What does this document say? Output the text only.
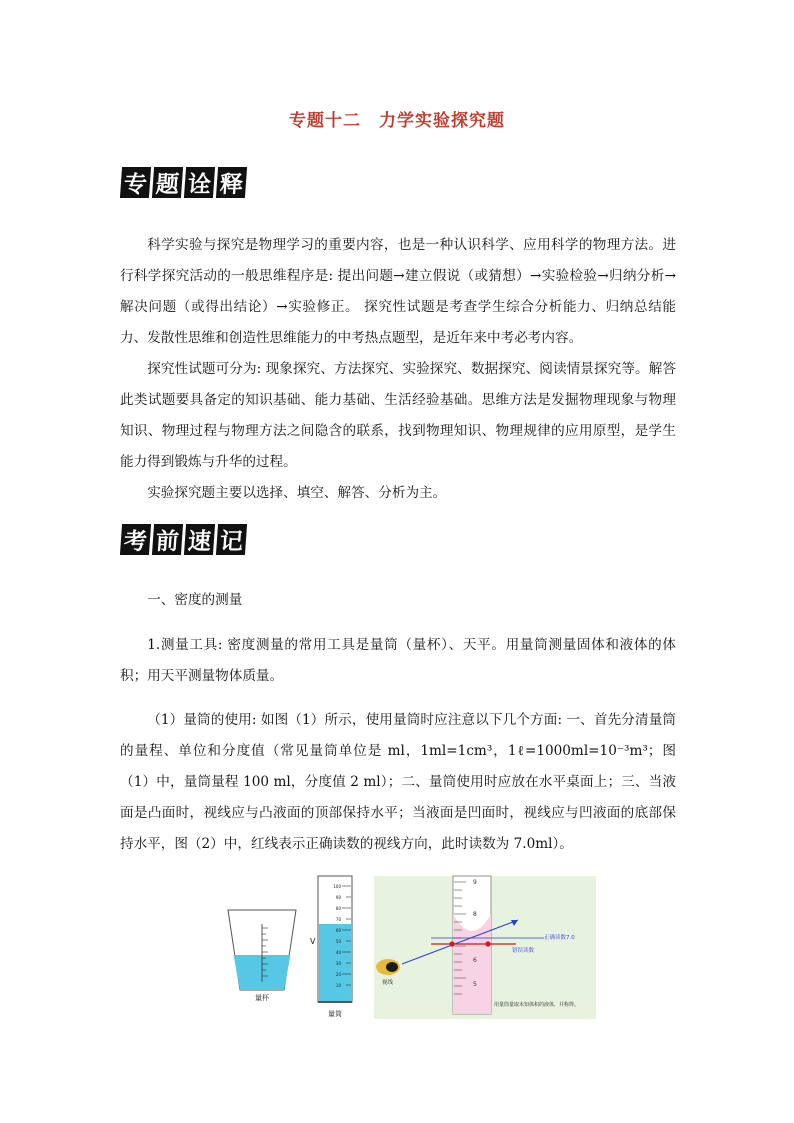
专题十二　力学实验探究题
专 题 诠 释

科学实验与探究是物理学习的重要内容，也是一种认识科学、应用科学的物理方法。进行科学探究活动的一般思维程序是: 提出问题→建立假说（或猜想）→实验检验→归纳分析→解决问题（或得出结论）→实验修正。 探究性试题是考查学生综合分析能力、归纳总结能力、发散性思维和创造性思维能力的中考热点题型，是近年来中考必考内容。

探究性试题可分为: 现象探究、方法探究、实验探究、数据探究、阅读情景探究等。解答此类试题要具备定的知识基础、能力基础、生活经验基础。思维方法是发掘物理现象与物理知识、物理过程与物理方法之间隐含的联系，找到物理知识、物理规律的应用原型，是学生能力得到锻炼与升华的过程。

实验探究题主要以选择、填空、解答、分析为主。

考 前 速 记

一、密度的测量

1.测量工具: 密度测量的常用工具是量筒（量杯）、天平。用量筒测量固体和液体的体积；用天平测量物体质量。

（1）量筒的使用: 如图（1）所示，使用量筒时应注意以下几个方面: 一、首先分清量筒的量程、单位和分度值（常见量筒单位是 ml，1ml=1cm³，1ℓ=1000ml=10⁻³m³；图（1）中，量筒量程 100 ml，分度值 2 ml）；二、量筒使用时应放在水平桌面上；三、当液面是凸面时，视线应与凸液面的顶部保持水平；当液面是凹面时，视线应与凹液面的底部保持水平，图（2）中，红线表示正确读数的视线方向，此时读数为 7.0ml）。

量杯
V
100
90
80
70
60
50
40
30
20
10
量筒
9
8
6
5
正确读数7.0
错误读数
视线
用量筒量取未知体积的液体，并称得。
